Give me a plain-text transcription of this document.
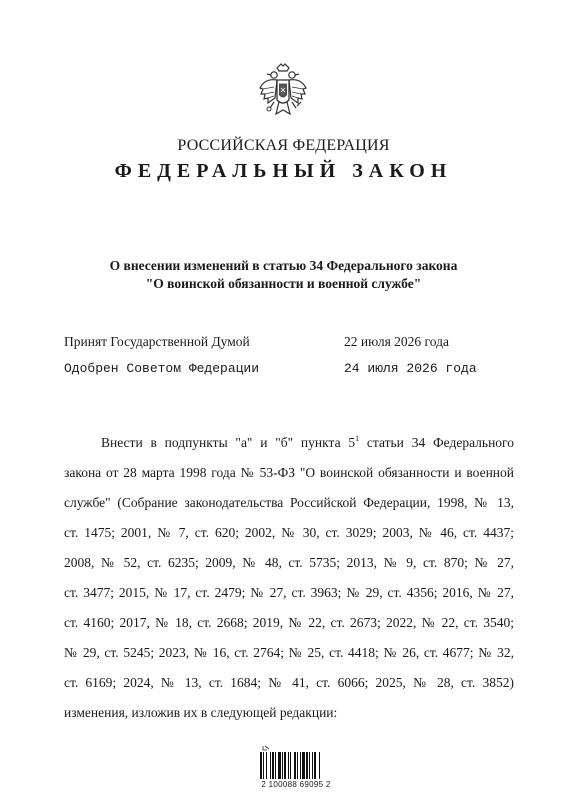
РОССИЙСКАЯ ФЕДЕРАЦИЯ
ФЕДЕРАЛЬНЫЙ ЗАКОН
О внесении изменений в статью 34 Федерального закона
"О воинской обязанности и военной службе"
Принят Государственной Думой	22 июля 2026 года
Одобрен Советом Федерации	24 июля 2026 года
Внести в подпункты "а" и "б" пункта $5^1$ статьи 34 Федерального
закона от 28 марта 1998 года № 53-ФЗ "О воинской обязанности и военной
службе" (Собрание законодательства Российской Федерации, 1998, № 13,
ст. 1475; 2001, № 7, ст. 620; 2002, № 30, ст. 3029; 2003, № 46, ст. 4437;
2008, № 52, ст. 6235; 2009, № 48, ст. 5735; 2013, № 9, ст. 870; № 27,
ст. 3477; 2015, № 17, ст. 2479; № 27, ст. 3963; № 29, ст. 4356; 2016, № 27,
ст. 4160; 2017, № 18, ст. 2668; 2019, № 22, ст. 2673; 2022, № 22, ст. 3540;
№ 29, ст. 5245; 2023, № 16, ст. 2764; № 25, ст. 4418; № 26, ст. 4677; № 32,
ст. 6169; 2024, № 13, ст. 1684; № 41, ст. 6066; 2025, № 28, ст. 3852)
изменения, изложив их в следующей редакции:
2 100088 69095 2
